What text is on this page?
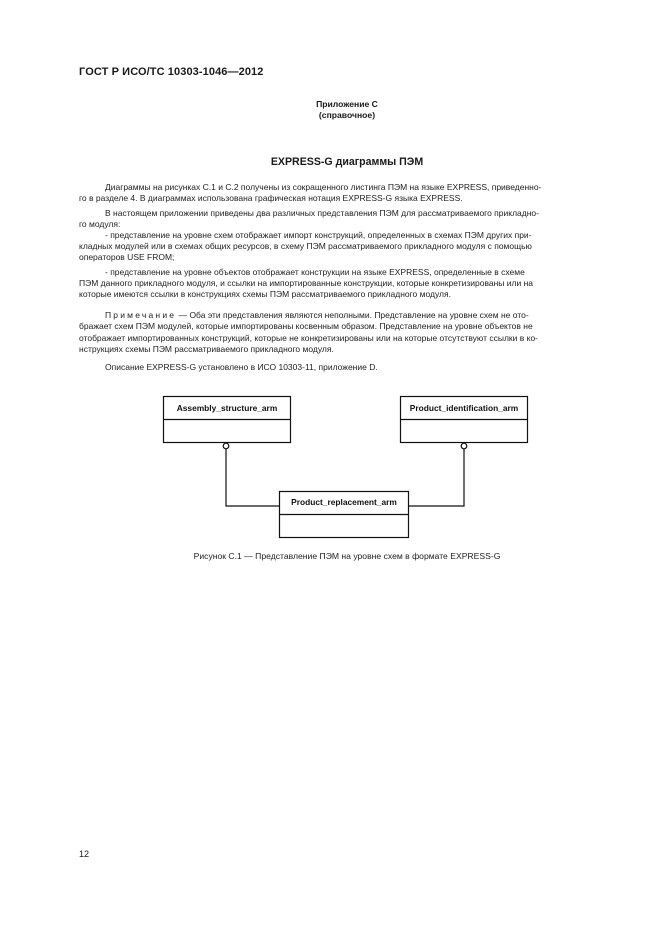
ГОСТ Р ИСО/ТС 10303-1046—2012
Приложение С
(справочное)
EXPRESS-G диаграммы ПЭМ
Диаграммы на рисунках С.1 и С.2 получены из сокращенного листинга ПЭМ на языке EXPRESS, приведенно-
го в разделе 4. В диаграммах использована графическая нотация EXPRESS-G языка EXPRESS.
В настоящем приложении приведены два различных представления ПЭМ для рассматриваемого прикладно-
го модуля:
- представление на уровне схем отображает импорт конструкций, определенных в схемах ПЭМ других при-
кладных модулей или в схемах общих ресурсов, в схему ПЭМ рассматриваемого прикладного модуля с помощью
операторов USE FROM;
- представление на уровне объектов отображает конструкции на языке EXPRESS, определенные в схеме
ПЭМ данного прикладного модуля, и ссылки на импортированные конструкции, которые конкретизированы или на
которые имеются ссылки в конструкциях схемы ПЭМ рассматриваемого прикладного модуля.
Примечание — Оба эти представления являются неполными. Представление на уровне схем не ото-
бражает схем ПЭМ модулей, которые импортированы косвенным образом. Представление на уровне объектов не
отображает импортированных конструкций, которые не конкретизированы или на которые отсутствуют ссылки в ко-
нструкциях схемы ПЭМ рассматриваемого прикладного модуля.
Описание EXPRESS-G установлено в ИСО 10303-11, приложение D.
Assembly_structure_arm	Product_identification_arm
Product_replacement_arm
Рисунок С.1 — Представление ПЭМ на уровне схем в формате EXPRESS-G
12
